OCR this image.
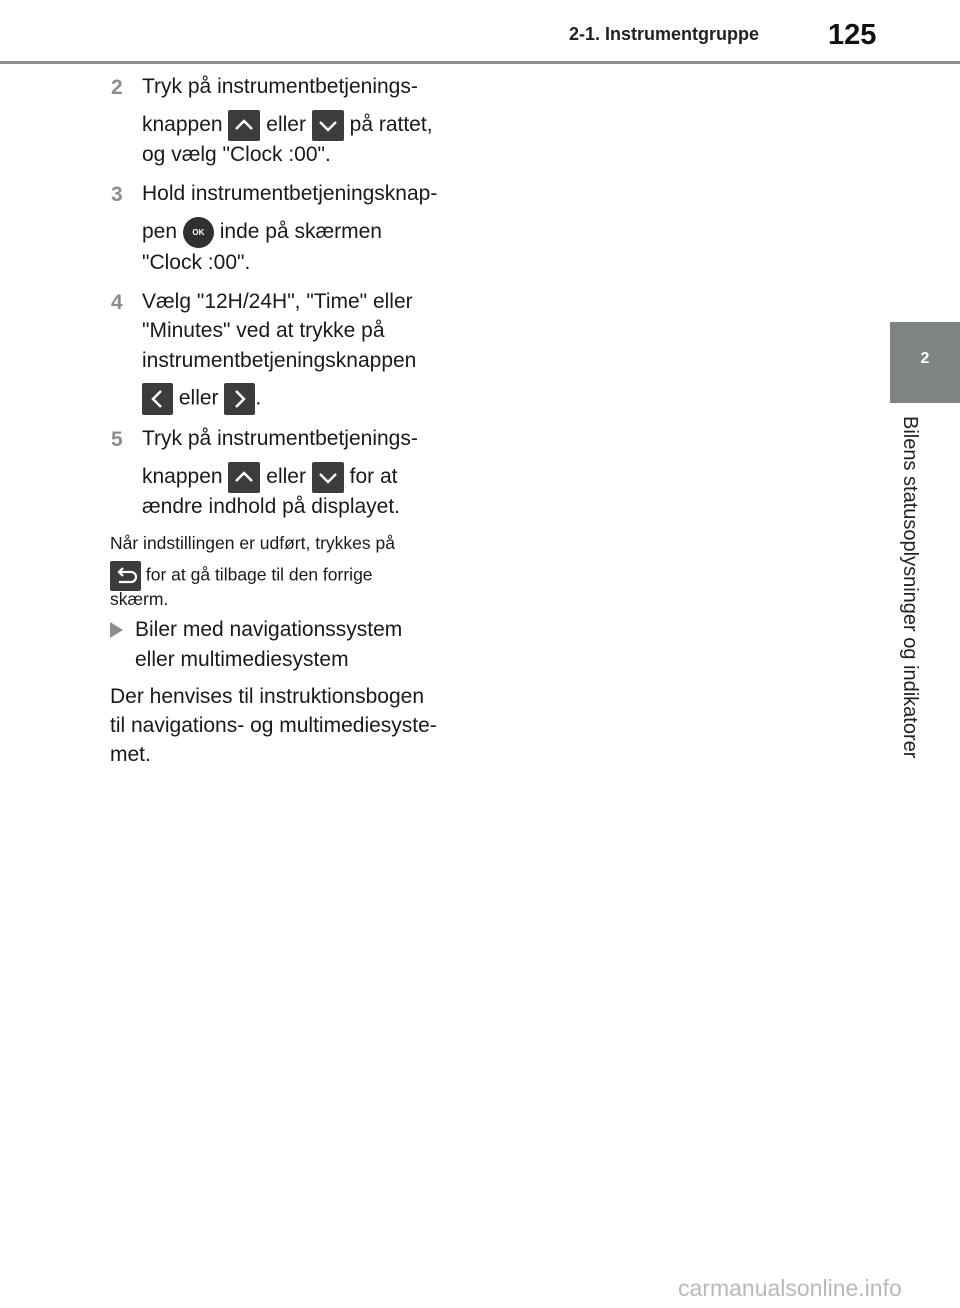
2-1. Instrumentgruppe 125
2
Bilens statusoplysninger og indikatorer
2 Tryk på instrumentbetjenings-
knappen eller på rattet,
og vælg "Clock :00".
3 Hold instrumentbetjeningsknap-
pen OK inde på skærmen
"Clock :00".
4 Vælg "12H/24H", "Time" eller
"Minutes" ved at trykke på
instrumentbetjeningsknappen
eller .
5 Tryk på instrumentbetjenings-
knappen eller for at
ændre indhold på displayet.
Når indstillingen er udført, trykkes på
for at gå tilbage til den forrige
skærm.
Biler med navigationssystem
eller multimediesystem
Der henvises til instruktionsbogen
til navigations- og multimediesyste-
met.
carmanualsonline.info
